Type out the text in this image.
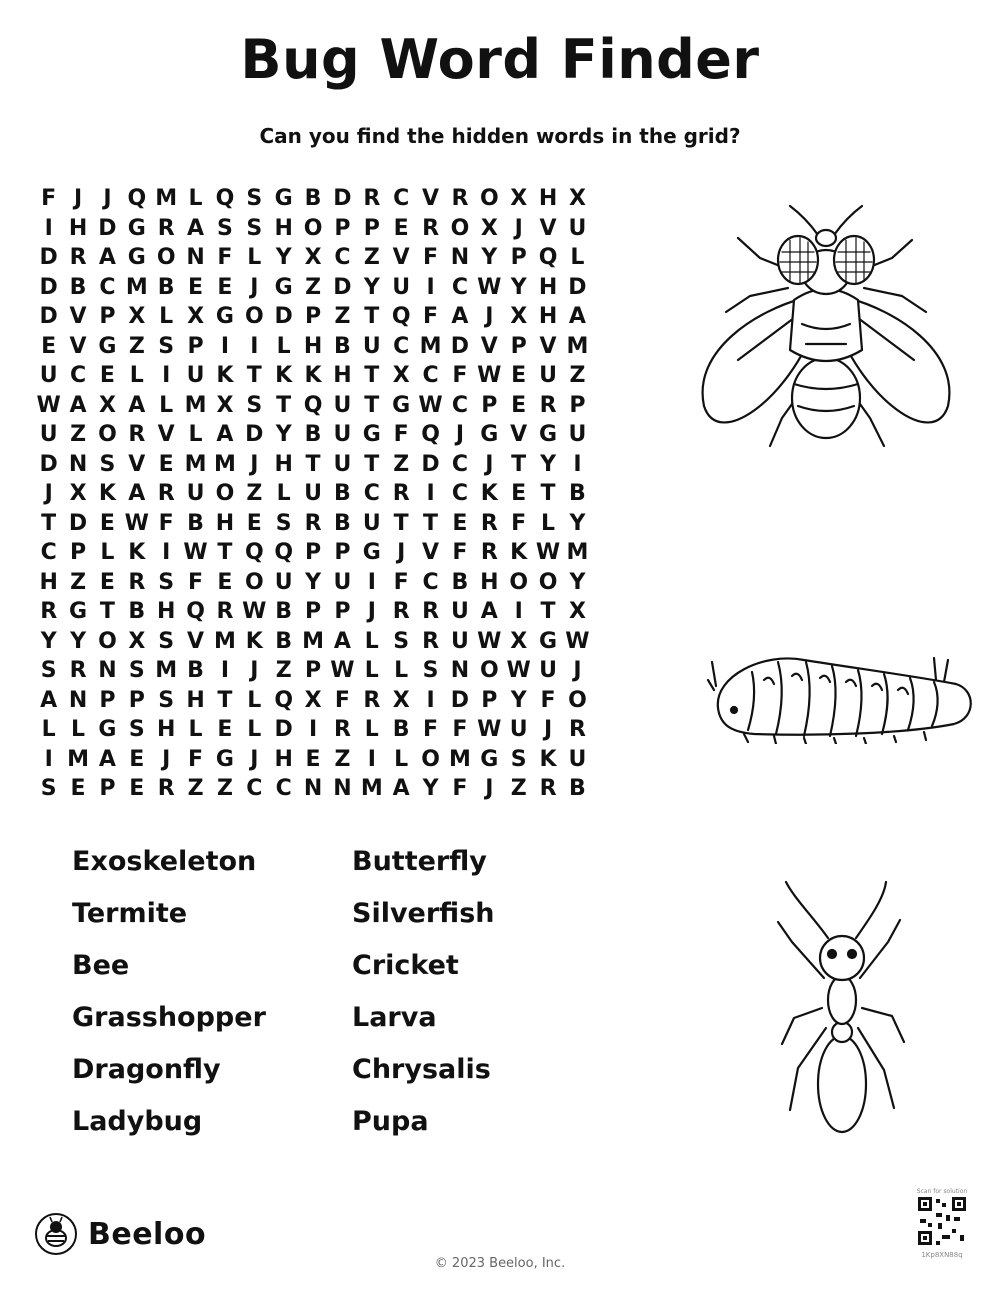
Bug Word Finder

Can you find the hidden words in the grid?

F J J Q M L Q S G B D R C V R O X H X
I H D G R A S S H O P P E R O X J V U
D R A G O N F L Y X C Z V F N Y P Q L
D B C M B E E J G Z D Y U I C W Y H D
D V P X L X G O D P Z T Q F A J X H A
E V G Z S P I I L H B U C M D V P V M
U C E L I U K T K K H T X C F W E U Z
W A X A L M X S T Q U T G W C P E R P
U Z O R V L A D Y B U G F Q J G V G U
D N S V E M M J H T U T Z D C J T Y I
J X K A R U O Z L U B C R I C K E T B
T D E W F B H E S R B U T T E R F L Y
C P L K I W T Q Q P P G J V F R K W M
H Z E R S F E O U Y U I F C B H O O Y
R G T B H Q R W B P P J R R U A I T X
Y Y O X S V M K B M A L S R U W X G W
S R N S M B I J Z P W L L S N O W U J
A N P P S H T L Q X F R X I D P Y F O
L L G S H L E L D I R L B F F W U J R
I M A E J F G J H E Z I L O M G S K U
S E P E R Z Z C C N N M A Y F J Z R B
Exoskeleton	Butterfly
Termite	Silverfish
Bee	Cricket
Grasshopper	Larva
Dragonfly	Chrysalis
Ladybug	Pupa
Beeloo
© 2023 Beeloo, Inc.
Scan for solution
1Kp8XN88q
